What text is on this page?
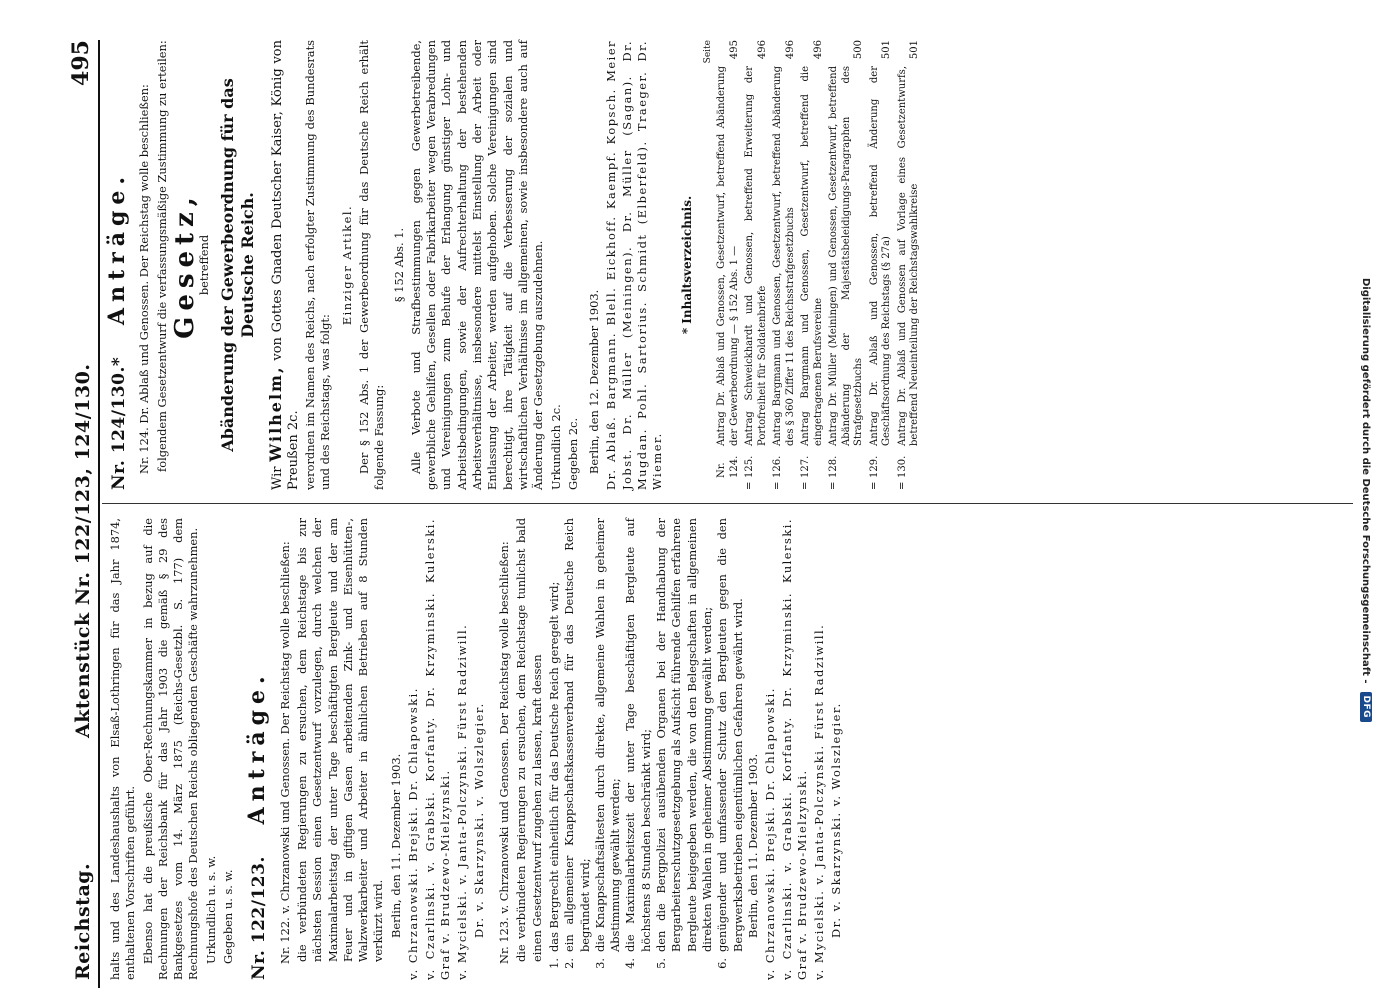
Reichstag.
Aktenstück Nr. 122/123, 124/130.
495

halts und des Landeshaushalts von Elsaß-Lothringen für das Jahr 1874, enthaltenen Vorschriften geführt. Ebenso hat die preußische Ober-Rechnungskammer in bezug auf die Rechnungen der Reichsbank für das Jahr 1903 die gemäß § 29 des Bankgesetzes vom 14. März 1875 (Reichs-Gesetzbl. S. 177) dem Rechnungshofe des Deutschen Reichs obliegenden Geschäfte wahrzunehmen. Urkundlich u. s. w. Gegeben u. s. w. Nr. 122/123. Anträge. Nr. 122. v. Chrzanowski und Genossen. Der Reichstag wolle beschließen: die verbündeten Regierungen zu ersuchen, dem Reichstage bis zur nächsten Session einen Gesetzentwurf vorzulegen, durch welchen der Maximalarbeitstag der unter Tage beschäftigten Bergleute und der am Feuer und in giftigen Gasen arbeitenden Zink- und Eisenhütten-, Walzwerkarbeiter und Arbeiter in ähnlichen Betrieben auf 8 Stunden verkürzt wird. Berlin, den 11. Dezember 1903. v. Chrzanowski. Brejski. Dr. Chlapowski. v. Czarlinski. v. Grabski. Korfanty. Dr. Krzyminski. Kulerski. Graf v. Brudzewo-Mielzynski. v. Mycielski. v. Janta-Polczynski. Fürst Radziwill. Dr. v. Skarzynski. v. Wolszlegier. Nr. 123. v. Chrzanowski und Genossen. Der Reichstag wolle beschließen: die verbündeten Regierungen zu ersuchen, dem Reichstage tunlichst bald einen Gesetzentwurf zugehen zu lassen, kraft dessen

1.
das Bergrecht einheitlich für das Deutsche Reich geregelt wird;
2.
ein allgemeiner Knappschaftskassenverband für das Deutsche Reich begründet wird;
3.
die Knappschaftsältesten durch direkte, allgemeine Wahlen in geheimer Abstimmung gewählt werden;
4.
die Maximalarbeitszeit der unter Tage beschäftigten Bergleute auf höchstens 8 Stunden beschränkt wird;
5.
den die Bergpolizei ausübenden Organen bei der Handhabung der Bergarbeiterschutzgesetzgebung als Aufsicht führende Gehilfen erfahrene Bergleute beigegeben werden, die von den Belegschaften in allgemeinen direkten Wahlen in geheimer Abstimmung gewählt werden;
6.
genügender und umfassender Schutz den Bergleuten gegen die den Bergwerksbetrieben eigentümlichen Gefahren gewährt wird. Berlin, den 11. Dezember 1903. v. Chrzanowski. Brejski. Dr. Chlapowski. v. Czarlinski. v. Grabski. Korfanty. Dr. Krzyminski. Kulerski. Graf v. Brudzewo-Mielzynski. v. Mycielski. v. Janta-Polczynski. Fürst Radziwill. Dr. v. Skarzynski. v. Wolszlegier.

Nr. 124/130.* Anträge. Nr. 124. Dr. Ablaß und Genossen. Der Reichstag wolle beschließen: folgendem Gesetzentwurf die verfassungsmäßige Zustimmung zu erteilen: Gesetz,

betreffend Abänderung der Gewerbeordnung für das Deutsche Reich.

Wir Wilhelm, von Gottes Gnaden Deutscher Kaiser, König von Preußen 2c. verordnen im Namen des Reichs, nach erfolgter Zustimmung des Bundesrats und des Reichstags, was folgt:

Einziger Artikel. Der § 152 Abs. 1 der Gewerbeordnung für das Deutsche Reich erhält folgende Fassung:

§ 152 Abs. 1. Alle Verbote und Strafbestimmungen gegen Gewerbetreibende, gewerbliche Gehilfen, Gesellen oder Fabrikarbeiter wegen Verabredungen und Vereinigungen zum Behufe der Erlangung günstiger Lohn- und Arbeitsbedingungen, sowie der Aufrechterhaltung der bestehenden Arbeitsverhältnisse, insbesondere mittelst Einstellung der Arbeit oder Entlassung der Arbeiter, werden aufgehoben. Solche Vereinigungen sind berechtigt, ihre Tätigkeit auf die Verbesserung der sozialen und wirtschaftlichen Verhältnisse im allgemeinen, sowie insbesondere auch auf Änderung der Gesetzgebung auszudehnen. Urkundlich 2c. Gegeben 2c. Berlin, den 12. Dezember 1903. Dr. Ablaß. Bargmann. Blell. Eickhoff. Kaempf. Kopsch. Meier Jobst. Dr. Müller (Meiningen). Dr. Müller (Sagan). Dr. Mugdan. Pohl. Sartorius. Schmidt (Elberfeld). Traeger. Dr. Wiemer.

* Inhaltsverzeichnis.
Seite
Nr. 124.
Antrag Dr. Ablaß und Genossen, Gesetzentwurf, betreffend Abänderung der Gewerbeordnung — § 152 Abs. 1 —
495
=
125.
Antrag Schweickhardt und Genossen, betreffend Erweiterung der Portofreiheit für Soldatenbriefe
496
=
126.
Antrag Bargmann und Genossen, Gesetzentwurf, betreffend Abänderung des § 360 Ziffer 11 des Reichsstrafgesetzbuchs
496
=
127.
Antrag Bargmann und Genossen, Gesetzentwurf, betreffend die eingetragenen Berufsvereine
496
=
128.
Antrag Dr. Müller (Meiningen) und Genossen, Gesetzentwurf, betreffend Abänderung der Majestätsbeleidigungs-Paragraphen des Strafgesetzbuchs
500
=
129.
Antrag Dr. Ablaß und Genossen, betreffend Änderung der Geschäftsordnung des Reichstags (§ 27a)
501
=
130.
Antrag Dr. Ablaß und Genossen auf Vorlage eines Gesetzentwurfs, betreffend Neueinteilung der Reichstagswahlkreise
501
Digitalisierung gefördert durch die Deutsche Forschungsgemeinschaft -
DFG
